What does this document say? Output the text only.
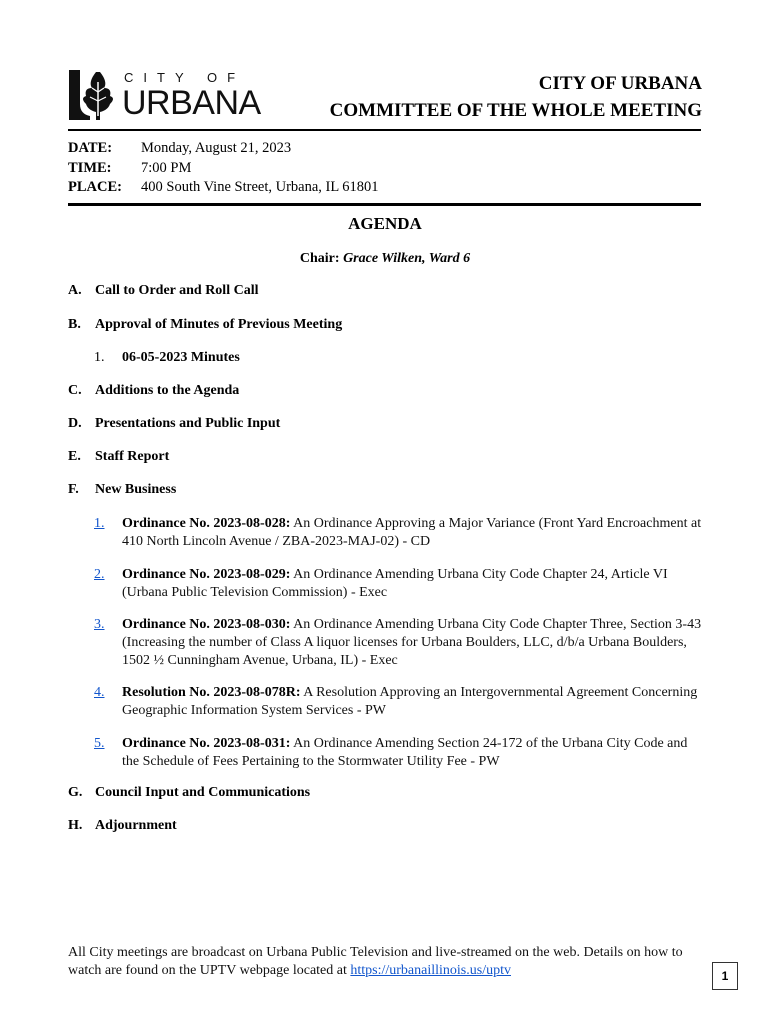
CITY OF
URBANA
CITY OF URBANA
COMMITTEE OF THE WHOLE MEETING
DATE:	Monday, August 21, 2023
TIME:	7:00 PM
PLACE:	400 South Vine Street, Urbana, IL 61801
AGENDA
Chair: Grace Wilken, Ward 6
A. Call to Order and Roll Call
B.	Approval of Minutes of Previous Meeting
1.	06-05-2023 Minutes
C. Additions to the Agenda
D. Presentations and Public Input
E.	Staff Report
F.	New Business
1.	Ordinance No. 2023-08-028: An Ordinance Approving a Major Variance (Front Yard Encroachment at 410 North Lincoln Avenue / ZBA-2023-MAJ-02) - CD
2.	Ordinance No. 2023-08-029: An Ordinance Amending Urbana City Code Chapter 24, Article VI (Urbana Public Television Commission) - Exec
3.	Ordinance No. 2023-08-030: An Ordinance Amending Urbana City Code Chapter Three, Section 3-43 (Increasing the number of Class A liquor licenses for Urbana Boulders, LLC, d/b/a Urbana Boulders, 1502 ½ Cunningham Avenue, Urbana, IL) - Exec
4.	Resolution No. 2023-08-078R: A Resolution Approving an Intergovernmental Agreement Concerning Geographic Information System Services - PW
5.	Ordinance No. 2023-08-031: An Ordinance Amending Section 24-172 of the Urbana City Code and the Schedule of Fees Pertaining to the Stormwater Utility Fee - PW
G. Council Input and Communications
H. Adjournment
All City meetings are broadcast on Urbana Public Television and live-streamed on the web. Details on how to watch are found on the UPTV webpage located at https://urbanaillinois.us/uptv	1
